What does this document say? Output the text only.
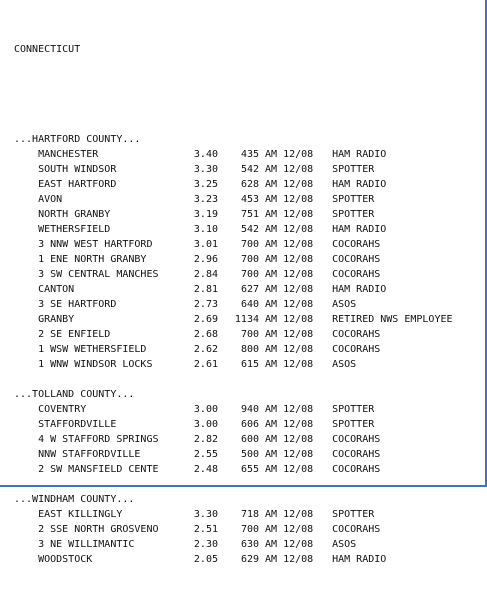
CONNECTICUT

...HARTFORD COUNTY...
MANCHESTER	3.40 435 AM 12/08 HAM RADIO
SOUTH WINDSOR	3.30 542 AM 12/08 SPOTTER
EAST HARTFORD	3.25 628 AM 12/08 HAM RADIO
AVON	3.23 453 AM 12/08 SPOTTER
NORTH GRANBY	3.19 751 AM 12/08 SPOTTER
WETHERSFIELD	3.10 542 AM 12/08 HAM RADIO
3 NNW WEST HARTFORD	3.01 700 AM 12/08 COCORAHS
1 ENE NORTH GRANBY	2.96 700 AM 12/08 COCORAHS
3 SW CENTRAL MANCHES	2.84 700 AM 12/08 COCORAHS
CANTON	2.81 627 AM 12/08 HAM RADIO
3 SE HARTFORD	2.73 640 AM 12/08 ASOS
GRANBY	2.69 1134 AM 12/08 RETIRED NWS EMPLOYEE
2 SE ENFIELD	2.68 700 AM 12/08 COCORAHS
1 WSW WETHERSFIELD	2.62 800 AM 12/08 COCORAHS
1 WNW WINDSOR LOCKS	2.61 615 AM 12/08 ASOS
...TOLLAND COUNTY...
COVENTRY	3.00 940 AM 12/08 SPOTTER
STAFFORDVILLE	3.00 606 AM 12/08 SPOTTER
4 W STAFFORD SPRINGS	2.82 600 AM 12/08 COCORAHS
NNW STAFFORDVILLE	2.55 500 AM 12/08 COCORAHS
2 SW MANSFIELD CENTE	2.48 655 AM 12/08 COCORAHS
...WINDHAM COUNTY...
EAST KILLINGLY	3.30 718 AM 12/08 SPOTTER
2 SSE NORTH GROSVENO	2.51 700 AM 12/08 COCORAHS
3 NE WILLIMANTIC	2.30 630 AM 12/08 ASOS
WOODSTOCK	2.05 629 AM 12/08 HAM RADIO
